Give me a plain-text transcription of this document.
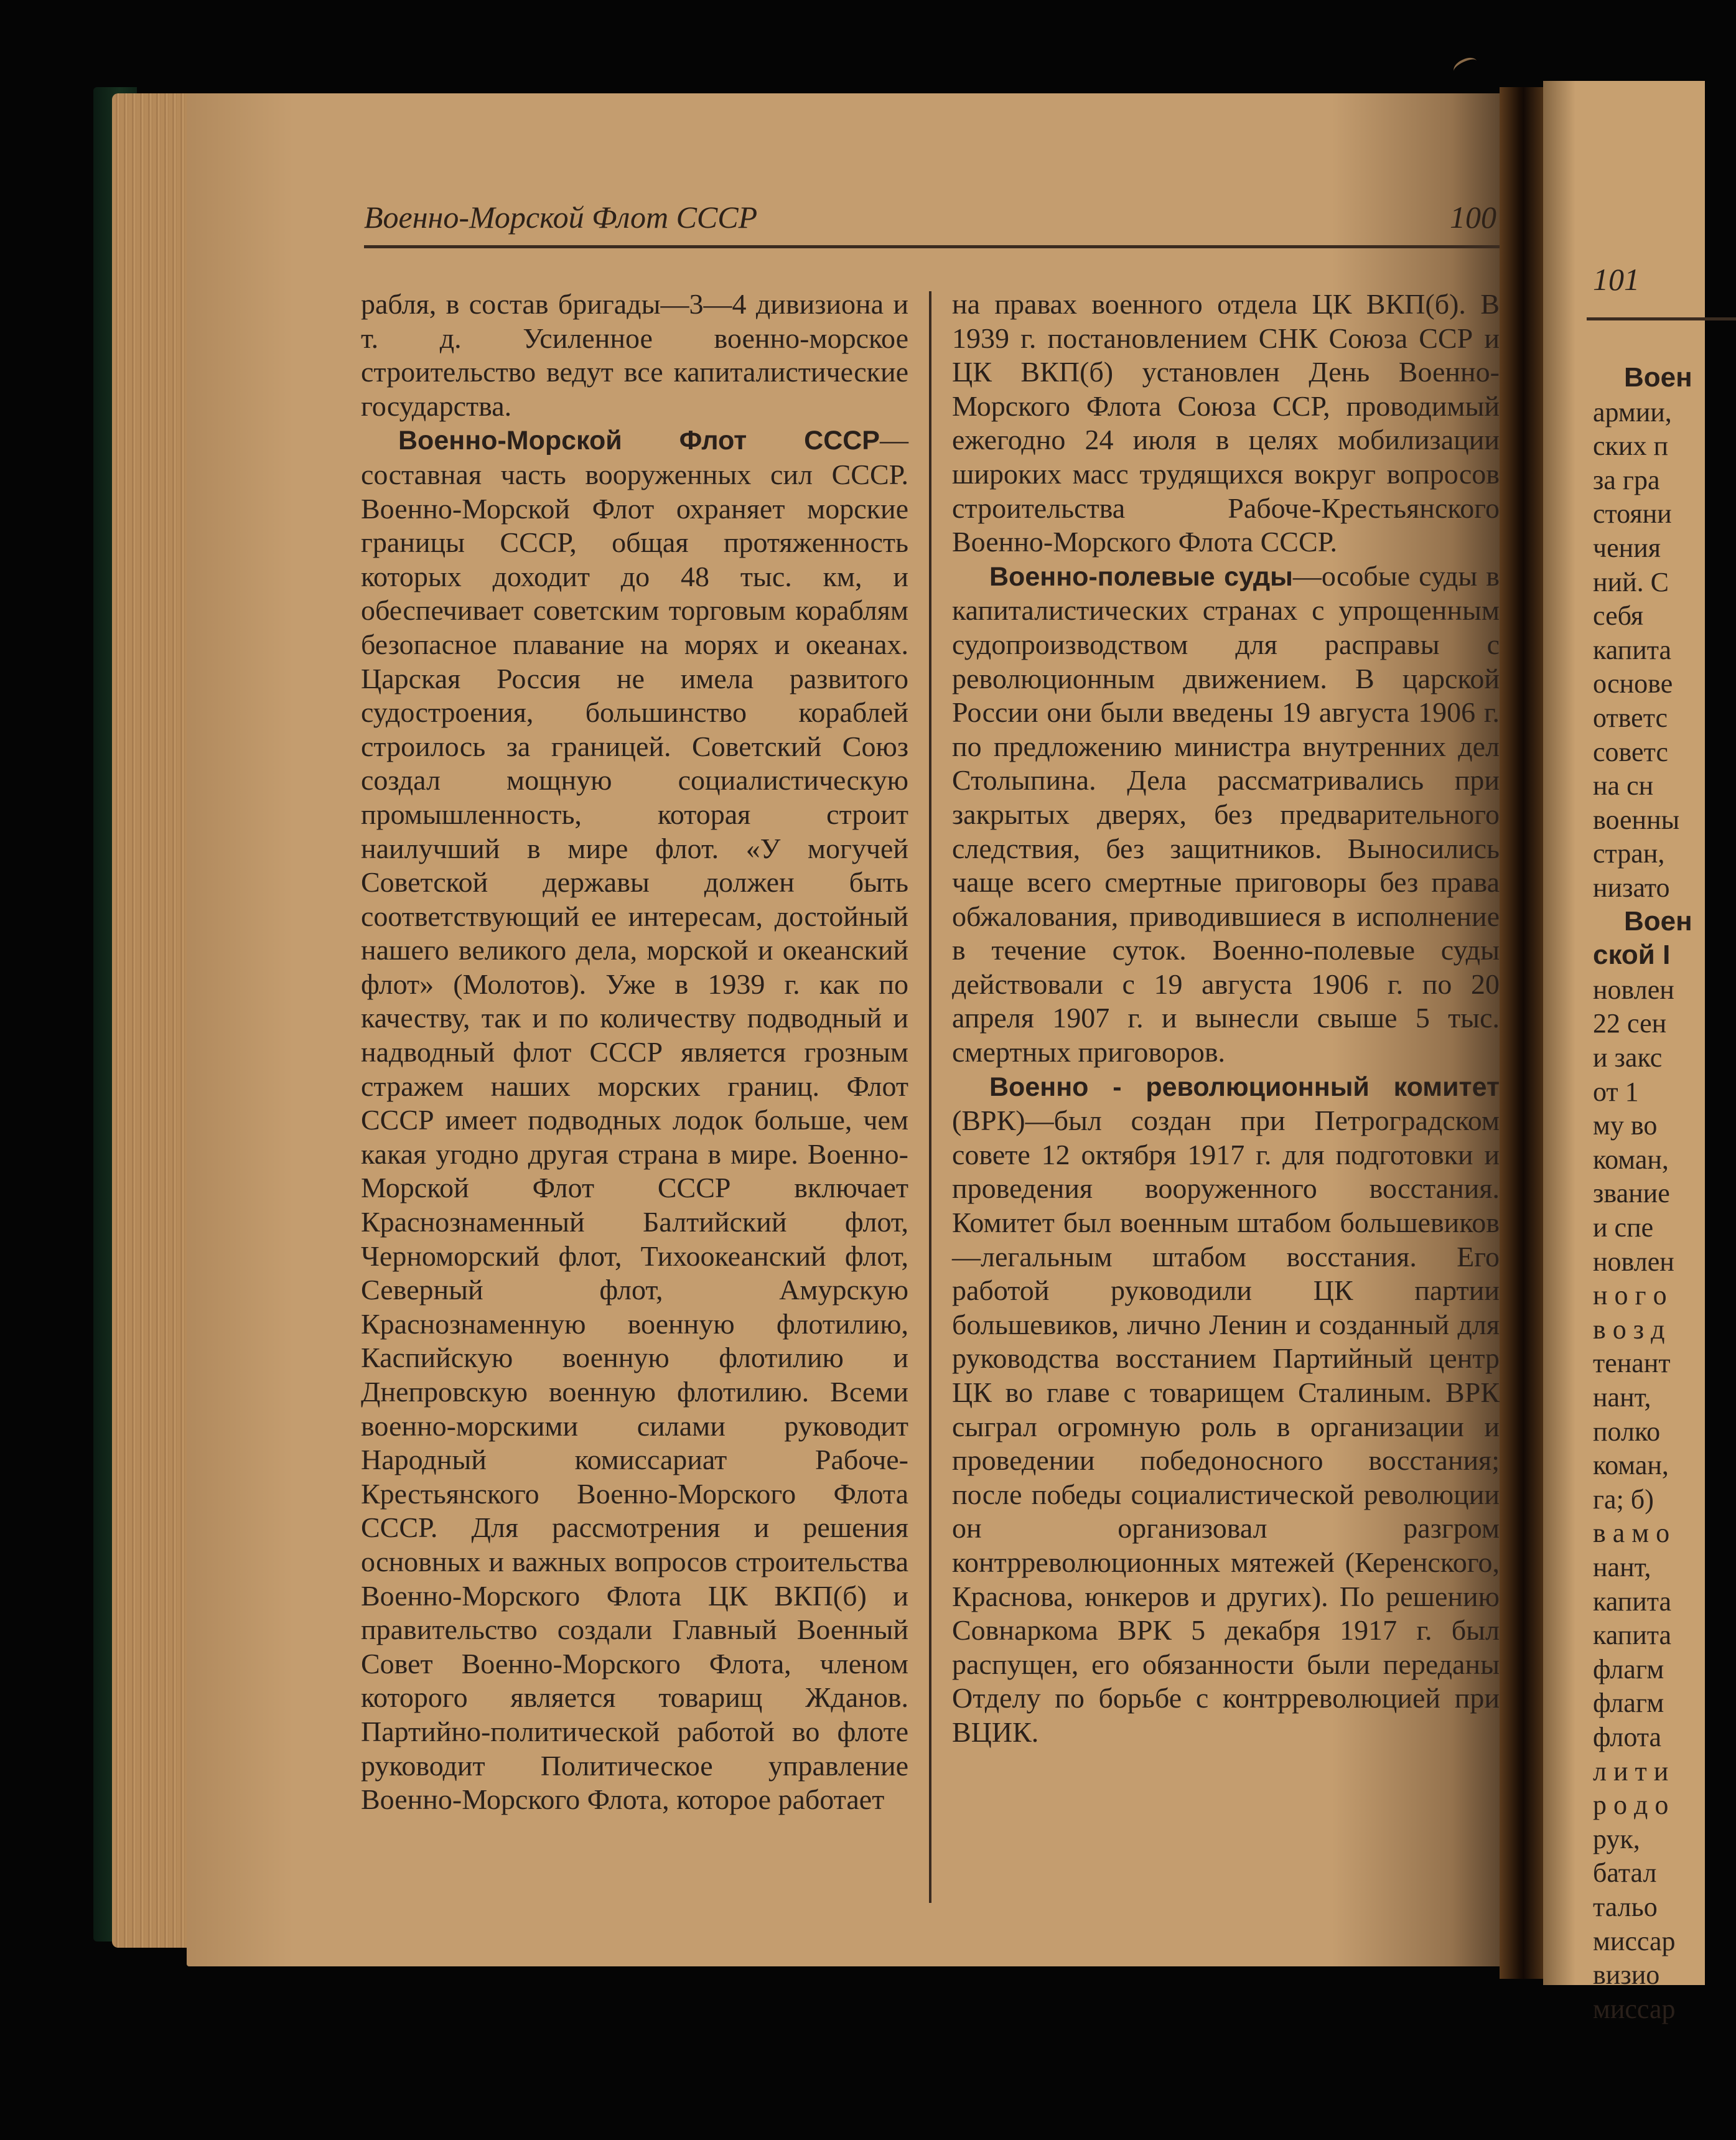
Военно-Морской Флот СССР	100

рабля, в состав бригады—3—4 дивизиона и т. д. Усиленное военно-морское строительство ведут все капиталистические государства.

Военно-Морской Флот СССР—составная часть вооруженных сил СССР. Военно-Морской Флот охраняет морские границы СССР, общая протяженность которых доходит до 48 тыс. км, и обеспечивает советским торговым кораблям безопасное плавание на морях и океанах. Царская Россия не имела развитого судостроения, большинство кораблей строилось за границей. Советский Союз создал мощную социалистическую промышленность, которая строит наилучший в мире флот. «У могучей Советской державы должен быть соответствующий ее интересам, достойный нашего великого дела, морской и океанский флот» (Молотов). Уже в 1939 г. как по качеству, так и по количеству подводный и надводный флот СССР является грозным стражем наших морских границ. Флот СССР имеет подводных лодок больше, чем какая угодно другая страна в мире. Военно-Морской Флот СССР включает Краснознаменный Балтийский флот, Черноморский флот, Тихоокеанский флот, Северный флот, Амурскую Краснознаменную военную флотилию, Каспийскую военную флотилию и Днепровскую военную флотилию. Всеми военно-морскими силами руководит Народный комиссариат Рабоче-Крестьянского Военно-Морского Флота СССР. Для рассмотрения и решения основных и важных вопросов строительства Военно-Морского Флота ЦК ВКП(б) и правительство создали Главный Военный Совет Военно-Морского Флота, членом которого является товарищ Жданов. Партийно-политической работой во флоте руководит Политическое управление Военно-Морского Флота, которое работает

на правах военного отдела ЦК ВКП(б). В 1939 г. постановлением СНК Союза ССР и ЦК ВКП(б) установлен День Военно-Морского Флота Союза ССР, проводимый ежегодно 24 июля в целях мобилизации широких масс трудящихся вокруг вопросов строительства Рабоче-Крестьянского Военно-Морского Флота СССР.

Военно-полевые суды—особые суды в капиталистических странах с упрощенным судопроизводством для расправы с революционным движением. В царской России они были введены 19 августа 1906 г. по предложению министра внутренних дел Столыпина. Дела рассматривались при закрытых дверях, без предварительного следствия, без защитников. Выносились чаще всего смертные приговоры без права обжалования, приводившиеся в исполнение в течение суток. Военно-полевые суды действовали с 19 августа 1906 г. по 20 апреля 1907 г. и вынесли свыше 5 тыс. смертных приговоров.

Военно - революционный комитет (ВРК)—был создан при Петроградском совете 12 октября 1917 г. для подготовки и проведения вооруженного восстания. Комитет был военным штабом большевиков—легальным штабом восстания. Его работой руководили ЦК партии большевиков, лично Ленин и созданный для руководства восстанием Партийный центр ЦК во главе с товарищем Сталиным. ВРК сыграл огромную роль в организации и проведении победоносного восстания; после победы социалистической революции он организовал разгром контрреволюционных мятежей (Керенского, Краснова, юнкеров и других). По решению Совнаркома ВРК 5 декабря 1917 г. был распущен, его обязанности были переданы Отделу по борьбе с контрреволюцией при ВЦИК.

101
Воен
армии,
ских п
за гра
стояни
чения
ний. С
себя
капита
основе
ответс
советс
на сн
военны
стран,
низато
Воен
ской I
новлен
22 сен
и закс
от 1
му во
коман,
звание
и спе
новлен
н о г о
в о з д
тенант
нант,
полко
коман,
га; б)
в а м о
нант,
капита
капита
флагм
флагм
флота
л и т и
р о д о
рук,
батал
тальо
миссар
визио
миссар
